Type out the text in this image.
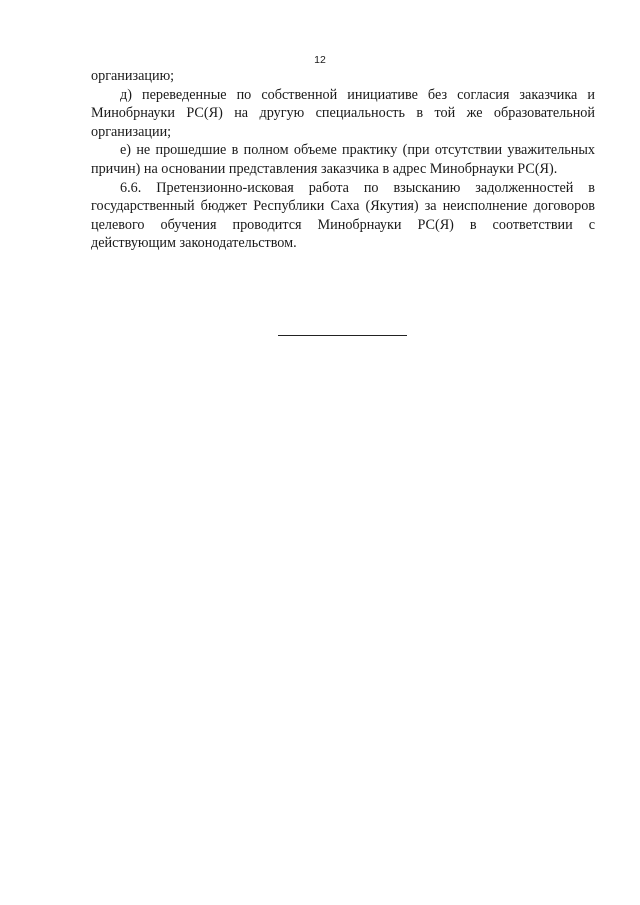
12

организацию;

д) переведенные по собственной инициативе без согласия заказчика и Минобрнауки РС(Я) на другую специальность в той же образовательной организации;

е) не прошедшие в полном объеме практику (при отсутствии уважительных причин) на основании представления заказчика в адрес Минобрнауки РС(Я).

6.6. Претензионно-исковая работа по взысканию задолженностей в государственный бюджет Республики Саха (Якутия) за неисполнение договоров целевого обучения проводится Минобрнауки РС(Я) в соответствии с действующим законодательством.
